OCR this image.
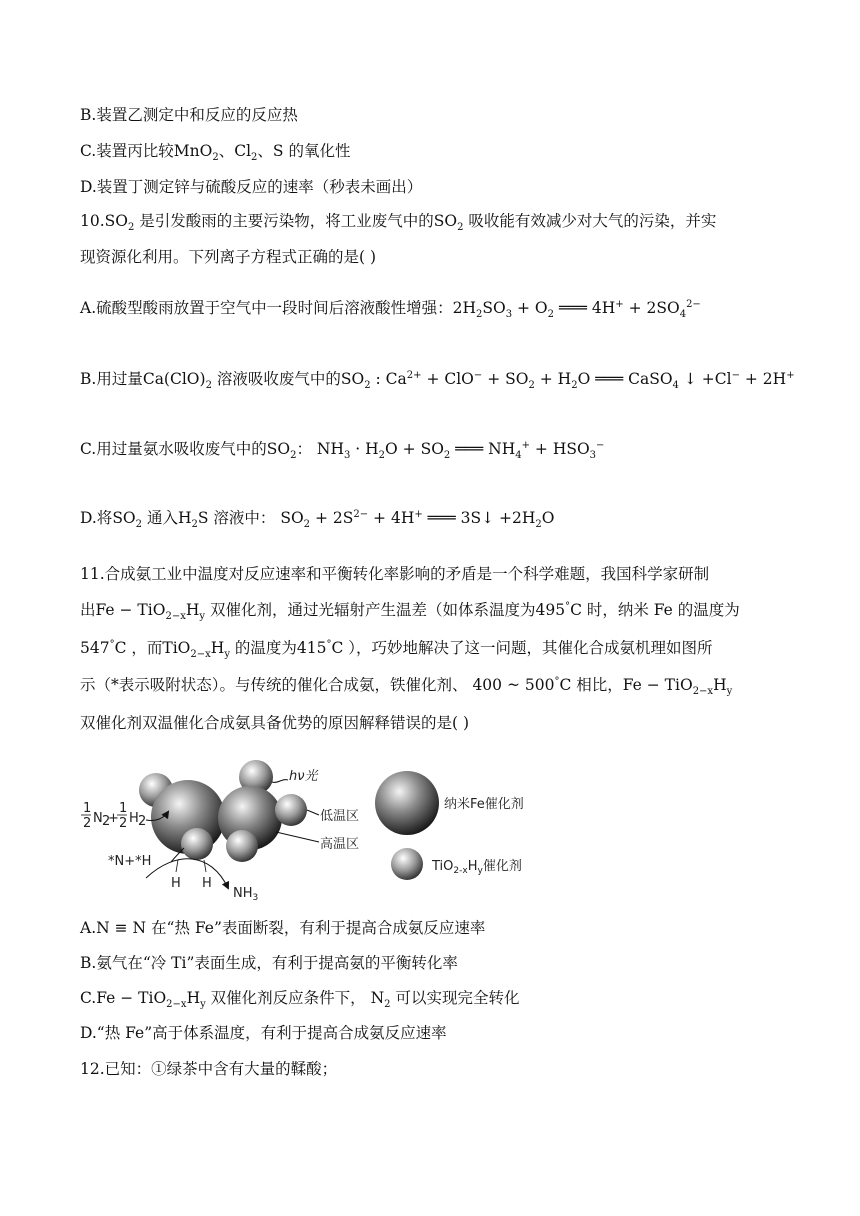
B.装置乙测定中和反应的反应热
C.装置丙比较MnO$_2$、$Cl_2$、S 的氧化性
D.装置丁测定锌与硫酸反应的速率（秒表未画出）
$10.SO_2$ 是引发酸雨的主要污染物，将工业废气中的$SO_2$ 吸收能有效减少对大气的污染，并实
现资源化利用。下列离子方程式正确的是( )
A.硫酸型酸雨放置于空气中一段时间后溶液酸性增强：$2H_2SO_3 + O_2$ ═══ $4H^+ + 2SO_4^{2-}$
B.用过量$Ca(ClO)_2$ 溶液吸收废气中的$SO_2$ : $Ca^{2+} + ClO^- + SO_2 + H_2O$ ═══ CaSO$_4$ ↓ +Cl− + 2H+
C.用过量氨水吸收废气中的$SO_2$： $NH_3 \cdot H_2O + SO_2$ ═══ $NH_4^+ + HSO_3^-$
D.将$SO_2$ 通入$H_2S$ 溶液中： $SO_2 + 2S^{2-} + 4H^+$ ═══ 3S↓ $+2H_2O$
11.合成氨工业中温度对反应速率和平衡转化率影响的矛盾是一个科学难题，我国科学家研制
出$Fe - TiO_{2-x}H_y$ 双催化剂，通过光辐射产生温差（如体系温度为495°C 时，纳米 Fe 的温度为
547°C ，而$TiO_{2-x}H_y$ 的温度为415°C ），巧妙地解决了这一问题，其催化合成氨机理如图所
示（*表示吸附状态）。与传统的催化合成氨，铁催化剂、 400 ~ 500°C 相比，$Fe - TiO_{2-x}H_y$
双催化剂双温催化合成氨具备优势的原因解释错误的是( )
A.N ≡ N 在“热 Fe”表面断裂，有利于提高合成氨反应速率
B.氨气在“冷 Ti”表面生成，有利于提高氨的平衡转化率
$C.Fe - TiO_{2-x}H_y$ 双催化剂反应条件下， $N_2$ 可以实现完全转化
D.“热 Fe”高于体系温度，有利于提高合成氨反应速率
12.已知：①绿茶中含有大量的鞣酸；
hν光
低温区
高温区
1
2 N 2
+
1
2 H 2
*N+*H
H H
$NH_3$
纳米Fe催化剂
$TiO_{2-x}H_y$催化剂
